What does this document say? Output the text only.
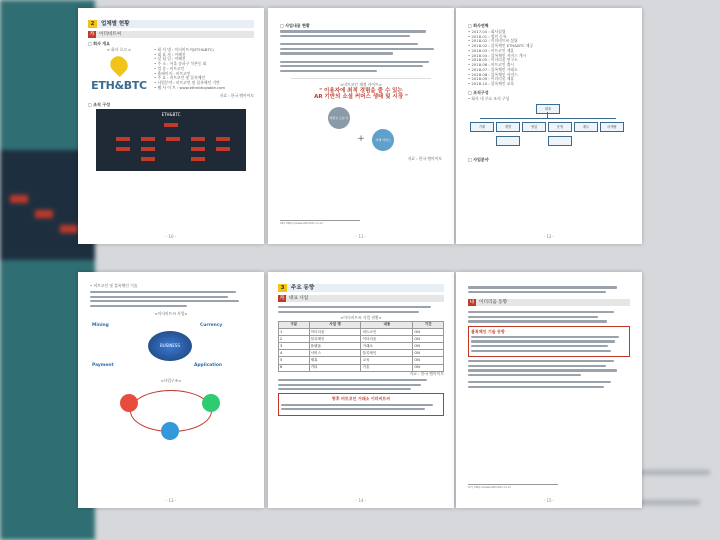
2	업체별 현황
가	이더비트씨
□ 회사 개요
< 회사 로고 >
ETH&BTC
• 회 사 명 : 이더비트씨(ETH&BTC)
• 대 표 자 : 이혜진
• 설 립 일 : 이혜진
• 주 소 : 서울 송파구 석촌동 외
• 업 종 : 비트코인
• 홈페이지 : 비트코인
• 주 요 : 비트코인 및 블록체인
• 사업분야 : 비트코인 및 블록체인 기반
• 웹 사 이 트 : www.ethnbtcgloble.com
자료 : 한국 엠아이토
□ 조직 구성
ETH&BTC
- 10 -
□ 사업내용 현황
<비트코인 재정 사이트>
" 이용자에 최적 경험을 줄 수 있는
AR 기반의 소셜 커머스 생태 및 시장 "
재생성 소셜 사업 +	거래 서비스
자료 : 한국 엠아이토
26) http://www.ethnbtc.co.kr
- 11 -
□ 회사연혁
• 2017.04 : 회사설립
• 2018.01 : 법인 등록
• 2018.02 : 이더비트씨 설립
• 2018.02 : 블록체인 ETH&BTC 제공
• 2018.03 : 비트코인 제휴
• 2018.04 : 블록체인 서비스 개시
• 2018.05 : 이더리움 연구소
• 2018.06 : 비트코인 출시
• 2018.07 : 블록체인 거래소
• 2018.08 : 블록체인 서비스
• 2018.09 : 이더리움 제휴
• 2018.10 : 블록체인 교육
□ 조직구성
• 회사 내 주요 조직 구성
대표
기획	개발	영업	운영	재무	마케팅
□ 사업분야
- 12 -
• 비트코인 및 블록체인 기술
<이더비트씨 사업>
BUSINESS
Mining	Currency
Payment	Application
<사업구조>
- 13 -
3	주요 동향
가	대표 사업
<이더비트씨 사업 현황>
구분	사업 명	내용	기간
1	이더리움	비트코인	ON
2	블록체인	이더리움	ON
3	플랫폼	거래소	ON
4	서비스	블록체인	ON
5	제휴	교육	ON
6	기타	기술	ON
자료 : 한국 엠아이토
향후 비트코인 거래소 이더비트씨
- 14 -
나	이더리움 동향
블록체인 기술 동향
27) http://www.ethnbtc.co.kr
- 15 -
